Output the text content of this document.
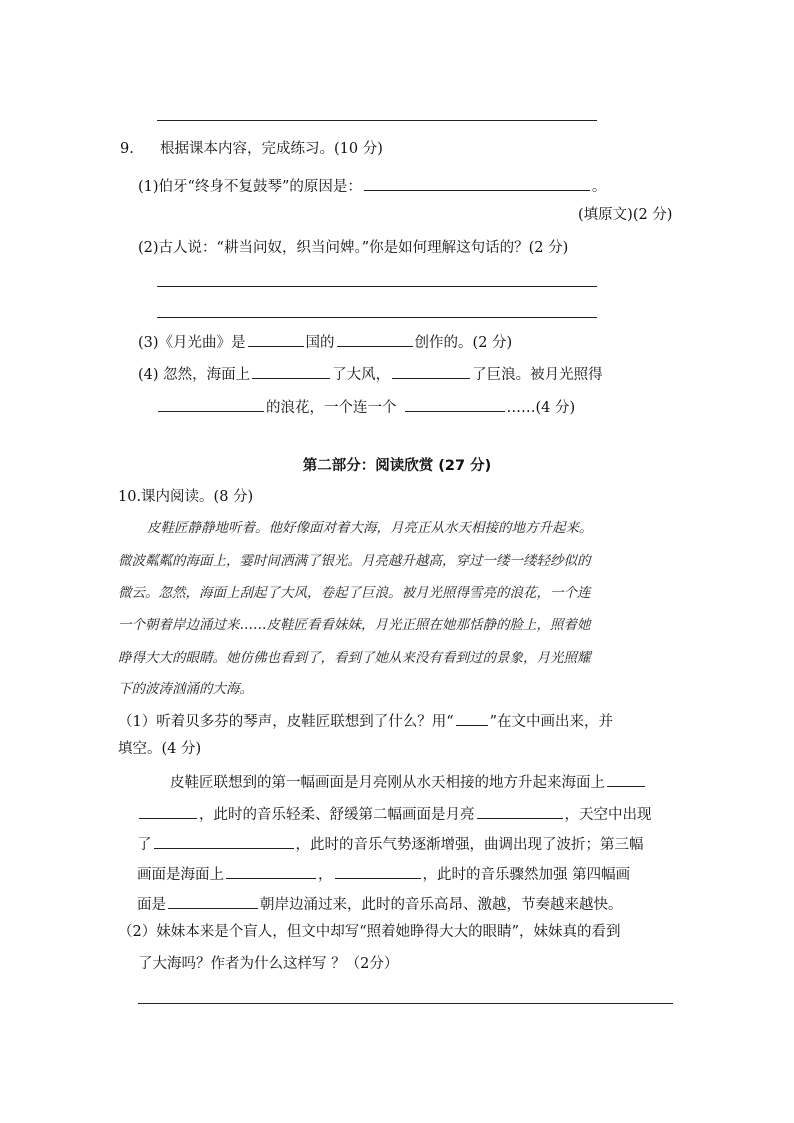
9. 根据课本内容，完成练习。(10 分)
(1)伯牙“终身不复鼓琴”的原因是：	。
(填原文)(2 分)
(2)古人说：“耕当问奴，织当问婢。”你是如何理解这句话的？(2 分)
(3)《月光曲》是	国的	创作的。(2 分)
(4) 忽然，海面上	了大风，	了巨浪。被月光照得
的浪花，一个连一个	……(4 分)
第二部分：阅读欣赏 (27 分)
10.课内阅读。(8 分)
皮鞋匠静静地听着。他好像面对着大海，月亮正从水天相接的地方升起来。
微波粼粼的海面上，霎时间洒满了银光。月亮越升越高，穿过一缕一缕轻纱似的
微云。忽然，海面上刮起了大风，卷起了巨浪。被月光照得雪亮的浪花，一个连
一个朝着岸边涌过来……皮鞋匠看看妹妹，月光正照在她那恬静的脸上，照着她
睁得大大的眼睛。她仿佛也看到了，看到了她从来没有看到过的景象，月光照耀
下的波涛汹涌的大海。
（1）听着贝多芬的琴声，皮鞋匠联想到了什么？用“ ”在文中画出来，并
填空。(4 分)
皮鞋匠联想到的第一幅画面是月亮刚从水天相接的地方升起来海面上
，此时的音乐轻柔、舒缓第二幅画面是月亮	，天空中出现
了	，此时的音乐气势逐渐增强，曲调出现了波折；第三幅
画面是海面上	，	，此时的音乐骤然加强 第四幅画
面是	朝岸边涌过来，此时的音乐高昂、激越，节奏越来越快。
（2）妹妹本来是个盲人，但文中却写“照着她睁得大大的眼睛”，妹妹真的看到
了大海吗？作者为什么这样写 ？（2分）
